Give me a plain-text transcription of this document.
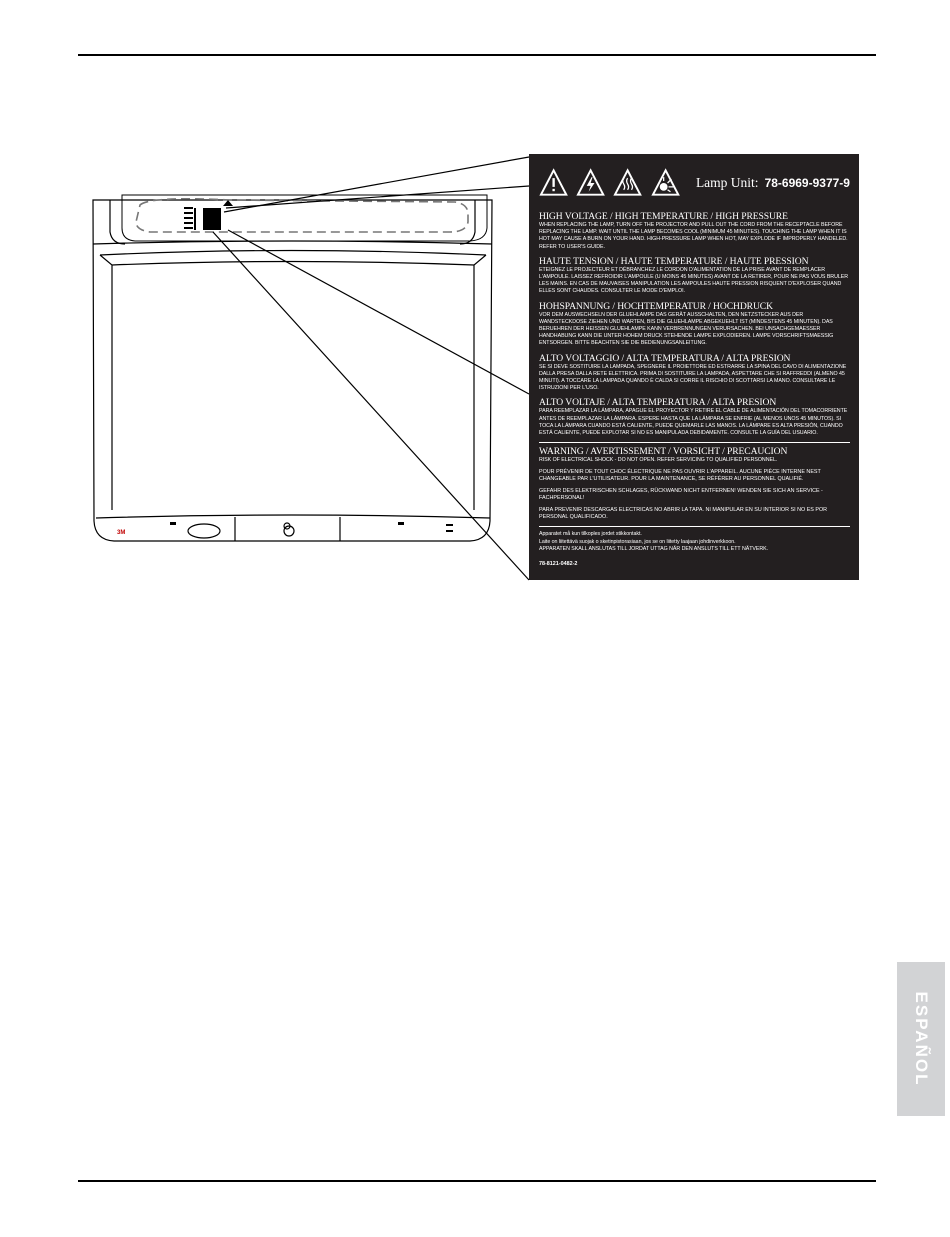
3M
Lamp Unit: 78-6969-9377-9
HIGH VOLTAGE / HIGH TEMPERATURE / HIGH PRESSURE
WHEN REPLACING THE LAMP, TURN OFF THE PROJECTOR AND PULL OUT THE CORD FROM THE RECEPTACLE BEFORE REPLACING THE LAMP. WAIT UNTIL THE LAMP BECOMES COOL (MINIMUM 45 MINUTES). TOUCHING THE LAMP WHEN IT IS HOT MAY CAUSE A BURN ON YOUR HAND. HIGH-PRESSURE LAMP WHEN HOT, MAY EXPLODE IF IMPROPERLY HANDELED. REFER TO USER'S GUIDE.
HAUTE TENSION / HAUTE TEMPERATURE / HAUTE PRESSION
ETEIGNEZ LE PROJECTEUR ET DÉBRANCHEZ LE CORDON D'ALIMENTATION DE LA PRISE AVANT DE REMPLACER L'AMPOULE. LAISSEZ REFROIDIR L'AMPOULE (U MOINS 45 MINUTES) AVANT DE LA RETIRER, POUR NE PAS VOUS BRULER LES MAINS. EN CAS DE MAUVAISES MANIPULATION LES AMPOULES HAUTE PRESSION RISQUENT D'EXPLOSER QUAND ELLES SONT CHAUDES. CONSULTER LE MODE D'EMPLOI.
HOHSPANNUNG / HOCHTEMPERATUR / HOCHDRUCK
VOR DEM AUSWECHSELN DER GLUEHLAMPE DAS GERÄT AUSSCHALTEN, DEN NETZSTECKER AUS DER WANDSTECKDOSE ZIEHEN UND WARTEN, BIS DIE GLUEHLAMPE ABGEKUEHLT IST (MINDESTENS 45 MINUTEN). DAS BERUEHREN DER HEISSEN GLUEHLAMPE KANN VERBRENNUNGEN VERURSACHEN. BEI UNSACHGEMAESSER HANDHABUNG KANN DIE UNTER HOHEM DRUCK STEHENDE LAMPE EXPLODIEREN. LAMPE VORSCHRIFTSMAESSIG ENTSORGEN. BITTE BEACHTEN SIE DIE BEDIENUNGSANLEITUNG.
ALTO VOLTAGGIO / ALTA TEMPERATURA / ALTA PRESION
SE SI DEVE SOSTITUIRE LA LAMPADA, SPEGNERE IL PROIETTORE ED ESTRARRE LA SPINA DEL CAVO DI ALIMENTAZIONE DALLA PRESA DALLA RETE ELETTRICA. PRIMA DI SOSTITUIRE LA LAMPADA, ASPETTARE CHE SI RAFFREDDI (ALMENO 45 MINUTI). A TOCCARE LA LAMPADA QUANDO È CALDA SI CORRE IL RISCHIO DI SCOTTARSI LA MANO. CONSULTARE LE ISTRUZIONI PER L'USO.
ALTO VOLTAJE / ALTA TEMPERATURA / ALTA PRESION
PARA REEMPLAZAR LA LÁMPARA, APAGUE EL PROYECTOR Y RETIRE EL CABLE DE ALIMENTACIÓN DEL TOMACORRIENTE ANTES DE REEMPLAZAR LA LÁMPARA. ESPERE HASTA QUE LA LÁMPARA SE ENFRIE (AL MENOS UNOS 45 MINUTOS). SI TOCA LA LÁMPARA CUANDO ESTÁ CALIENTE, PUEDE QUEMARLE LAS MANOS. LA LÁMPARE ES ALTA PRESIÓN, CUANDO ESTÁ CALIENTE, PUEDE EXPLOTAR SI NO ES MANIPULADA DEBIDAMENTE. CONSULTE LA GUÍA DEL USUARIO.
WARNING / AVERTISSEMENT / VORSICHT / PRECAUCION
RISK OF ELECTRICAL SHOCK - DO NOT OPEN. REFER SERVICING TO QUALIFIED PERSONNEL.
POUR PRÉVENIR DE TOUT CHOC ÉLECTRIQUE NE PAS OUVRIR L'APPAREIL. AUCUNE PIÈCE INTERNE NEST CHANGEABLE PAR L'UTILISATEUR. POUR LA MAINTENANCE, SE RÉFÉRER AU PERSONNEL QUALIFIÉ.
GEFAHR DES ELEKTRISCHEN SCHLAGES, RÜCKWAND NICHT ENTFERNEN! WENDEN SIE SICH AN SERVICE - FACHPERSONAL!
PARA PREVENIR DESCARGAS ELECTRICAS NO ABRIR LA TAPA. NI MANIPULAR EN SU INTERIOR SI NO ES POR PERSONAL QUALIFICADO.
Apparatet må kun tilkoples jordet stikkontakt.
Laite on liitettävä suojak o sketinpistorasiaan, jos se on liitetty laajaan johdinverkkoon.
APPARATEN SKALL ANSLUTAS TILL JORDAT UTTAG NÄR DEN ANSLUTS TILL ETT NÄTVERK.
78-8121-0482-2
ESPAÑOL
